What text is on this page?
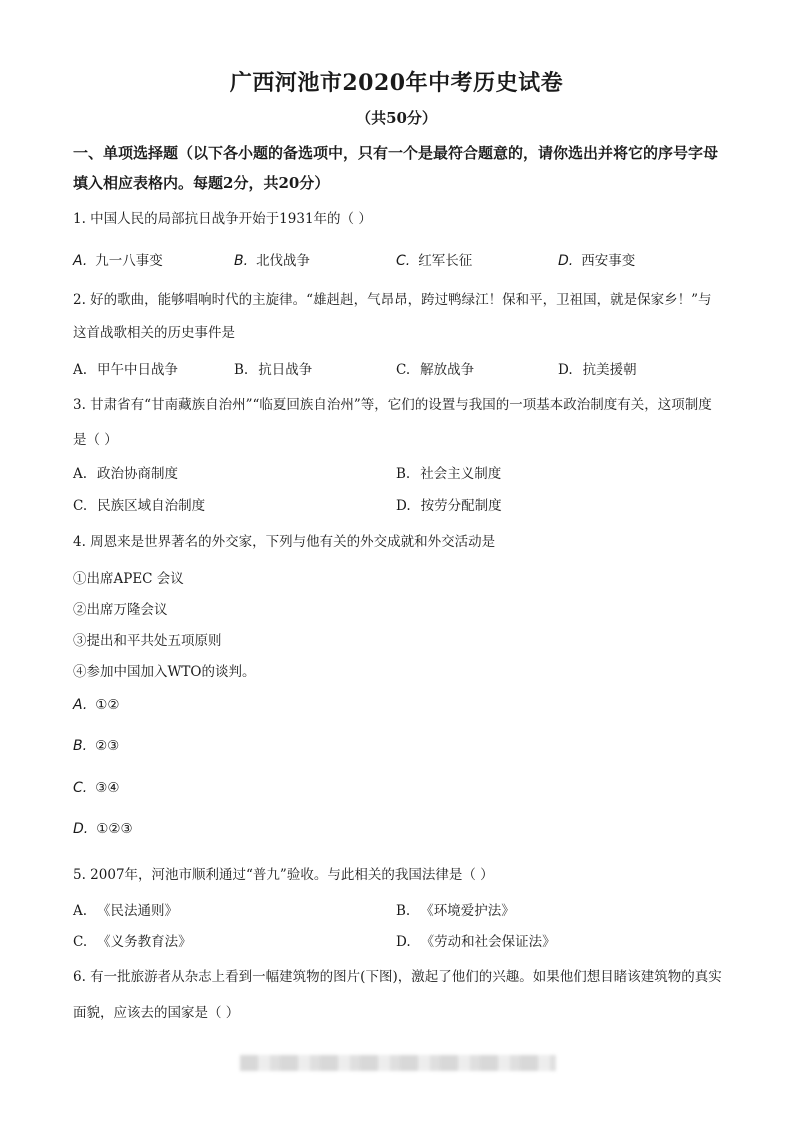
广西河池市2020年中考历史试卷
（共50分）
一、单项选择题（以下各小题的备选项中，只有一个是最符合题意的，请你选出并将它的序号字母填入相应表格内。每题2分，共20分）
1. 中国人民的局部抗日战争开始于1931年的（ ）
A. 九一八事变	B. 北伐战争	C. 红军长征	D. 西安事变
2. 好的歌曲，能够唱响时代的主旋律。“雄赳赳，气昂昂，跨过鸭绿江！保和平，卫祖国，就是保家乡！”与这首战歌相关的历史事件是
A. 甲午中日战争	B. 抗日战争	C. 解放战争	D. 抗美援朝
3. 甘肃省有“甘南藏族自治州”“临夏回族自治州”等，它们的设置与我国的一项基本政治制度有关，这项制度是（ ）
A. 政治协商制度	B. 社会主义制度
C. 民族区域自治制度	D. 按劳分配制度
4. 周恩来是世界著名的外交家，下列与他有关的外交成就和外交活动是
①出席APEC 会议
②出席万隆会议
③提出和平共处五项原则
④参加中国加入WTO的谈判。
A. ①②
B. ②③
C. ③④
D. ①②③
5. 2007年，河池市顺利通过“普九”验收。与此相关的我国法律是（ ）
A. 《民法通则》	B. 《环境爱护法》
C. 《义务教育法》	D. 《劳动和社会保证法》
6. 有一批旅游者从杂志上看到一幅建筑物的图片(下图)，激起了他们的兴趣。如果他们想目睹该建筑物的真实面貌，应该去的国家是（ ）
